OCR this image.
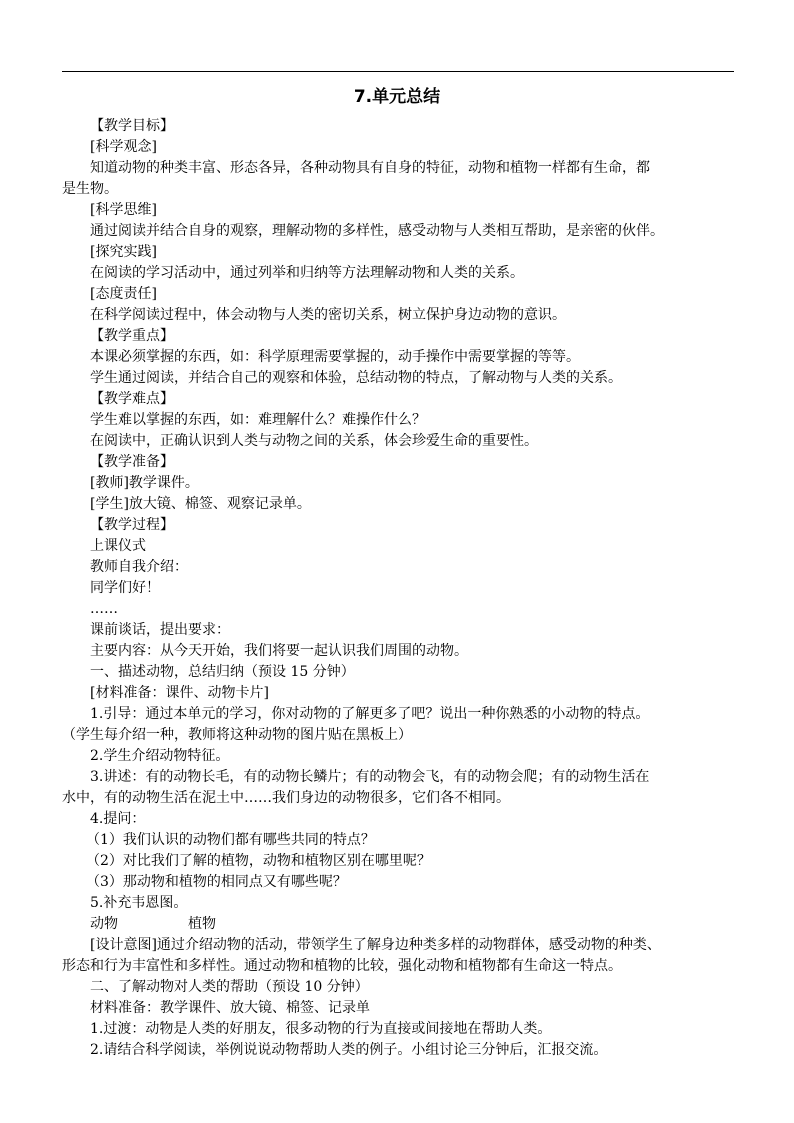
7.单元总结
【教学目标】
[科学观念]
知道动物的种类丰富、形态各异，各种动物具有自身的特征，动物和植物一样都有生命，都
是生物。
[科学思维]
通过阅读并结合自身的观察，理解动物的多样性，感受动物与人类相互帮助，是亲密的伙伴。
[探究实践]
在阅读的学习活动中，通过列举和归纳等方法理解动物和人类的关系。
[态度责任]
在科学阅读过程中，体会动物与人类的密切关系，树立保护身边动物的意识。
【教学重点】
本课必须掌握的东西，如：科学原理需要掌握的，动手操作中需要掌握的等等。
学生通过阅读，并结合自己的观察和体验，总结动物的特点，了解动物与人类的关系。
【教学难点】
学生难以掌握的东西，如：难理解什么？难操作什么？
在阅读中，正确认识到人类与动物之间的关系，体会珍爱生命的重要性。
【教学准备】
[教师]教学课件。
[学生]放大镜、棉签、观察记录单。
【教学过程】
上课仪式
教师自我介绍：
同学们好！
……
课前谈话，提出要求：
主要内容：从今天开始，我们将要一起认识我们周围的动物。
一、描述动物，总结归纳（预设 15 分钟）
[材料准备：课件、动物卡片]
1.引导：通过本单元的学习，你对动物的了解更多了吧？说出一种你熟悉的小动物的特点。
（学生每介绍一种，教师将这种动物的图片贴在黑板上）
2.学生介绍动物特征。
3.讲述：有的动物长毛，有的动物长鳞片；有的动物会飞，有的动物会爬；有的动物生活在
水中，有的动物生活在泥土中……我们身边的动物很多，它们各不相同。
4.提问：
（1）我们认识的动物们都有哪些共同的特点？
（2）对比我们了解的植物，动物和植物区别在哪里呢？
（3）那动物和植物的相同点又有哪些呢？
5.补充韦恩图。
动物	植物
[设计意图]通过介绍动物的活动，带领学生了解身边种类多样的动物群体，感受动物的种类、
形态和行为丰富性和多样性。通过动物和植物的比较，强化动物和植物都有生命这一特点。
二、了解动物对人类的帮助（预设 10 分钟）
材料准备：教学课件、放大镜、棉签、记录单
1.过渡：动物是人类的好朋友，很多动物的行为直接或间接地在帮助人类。
2.请结合科学阅读，举例说说动物帮助人类的例子。小组讨论三分钟后，汇报交流。
